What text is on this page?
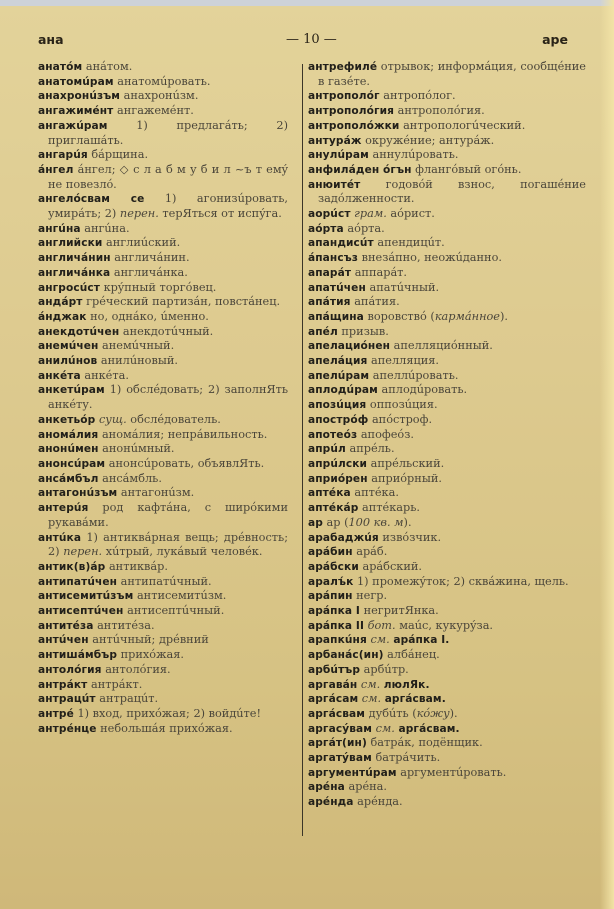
ана	— 10 —	аре

анатóм анáтом.

анатомúрам анатомúровать.

анахронúзъм анахронúзм.

ангажимéнт ангажемéнт.

ангажúрам	1) предлагáть; 2) приглашáть.

ангарúя бáрщина.

áнгел áнгел; ◇ с л а б м у б и л ~ъ т емý не повезлó.

ангелóсвам се 1) агонизúровать, умирáть; 2) перен. терЯться от испýга.

ангúна ангúна.

английски англиúский.

англичáнин англичáнин.

англичáнка англичáнка.

ангросúст крýпный торгóвец.

андáрт грéческий партизáн, повстáнец.

áнджак но, однáко, úменно.

анекдотúчен анекдотúчный.

анемúчен анемúчный.

анилúнов анилúновый.

анкéта анкéта.

анкетúрам 1) обслéдовать; 2) заполнЯть анкéту.

анкетьóр сущ. обслéдователь.

аномáлия аномáлия; непрáвильность.

анонúмен анонúмный.

анонсúрам анонсúровать, объявлЯть.

ансáмбъл ансáмбль.

антагонúзъм антагонúзм.

антерúя род кафтáна, с ширóкими рукавáми.

антúка 1) антиквáрная вещь; дрéвность; 2) перен. хúтрый, лукáвый человéк.

антик(в)áр антиквáр.

антипатúчен антипатúчный.

антисемитúзъм антисемитúзм.

антисептúчен антисептúчный.

антитéза антитéза.

антúчен антúчный; дрéвний

антишáмбър прихóжая.

антолóгия антолóгия.

антрáкт антрáкт.

антрацúт антрацúт.

антрé 1) вход, прихóжая; 2) войдúте!

антрéнце небольшáя прихóжая.

антрефилé отрывок; информáция, сообщéние в газéте.

антрополóг антропóлог.

антрополóгия антрополóгия.

антрополóжки антропологúческий.

антурáж окружéние; антурáж.

анулúрам аннулúровать.

анфилáден óгън флангóвый огóнь.

анюитéт годовóй взнос, погашéние задóлженности.

аорúст грам. аóрист.

аóрта аóрта.

апандисúт апендицúт.

áпансъз внезáпно, неожúданно.

апарáт аппарáт.

апатúчен апатúчный.

апáтия апáтия.

апáщина воровствó (кармáнное).

апéл призыв.

апелациóнен апелляциóнный.

апелáция апелляция.

апелúрам апеллúровать.

аплодúрам аплодúровать.

апозúция оппозúция.

апострóф апóстроф.

апотеóз апофеóз.

апрúл апрéль.

апрúлски апрéльский.

априóрен априóрный.

аптéка аптéка.

аптéкáр аптéкарь.

ар ар (100 кв. м).

арабаджúя извóзчик.

арáбин арáб.

арáбски арáбский.

аралъ́к 1) промежýток; 2) сквáжина, щель.

арáпин негр.

арáпка I негритЯнка.

арáпка II бот. маúс, кукурýза.

арапкúня см. арáпка I.

арбанáс(ин) албáнец.

арбúтър арбúтр.

аргавáн см. люлЯк.

аргáсам см. аргáсвам.

аргáсвам дубúть (кóжу).

аргасýвам см. аргáсвам.

аргáт(ин) батрáк, подёнщик.

аргатýвам батрáчить.

аргументúрам аргументúровать.

арéна арéна.

арéнда арéнда.
